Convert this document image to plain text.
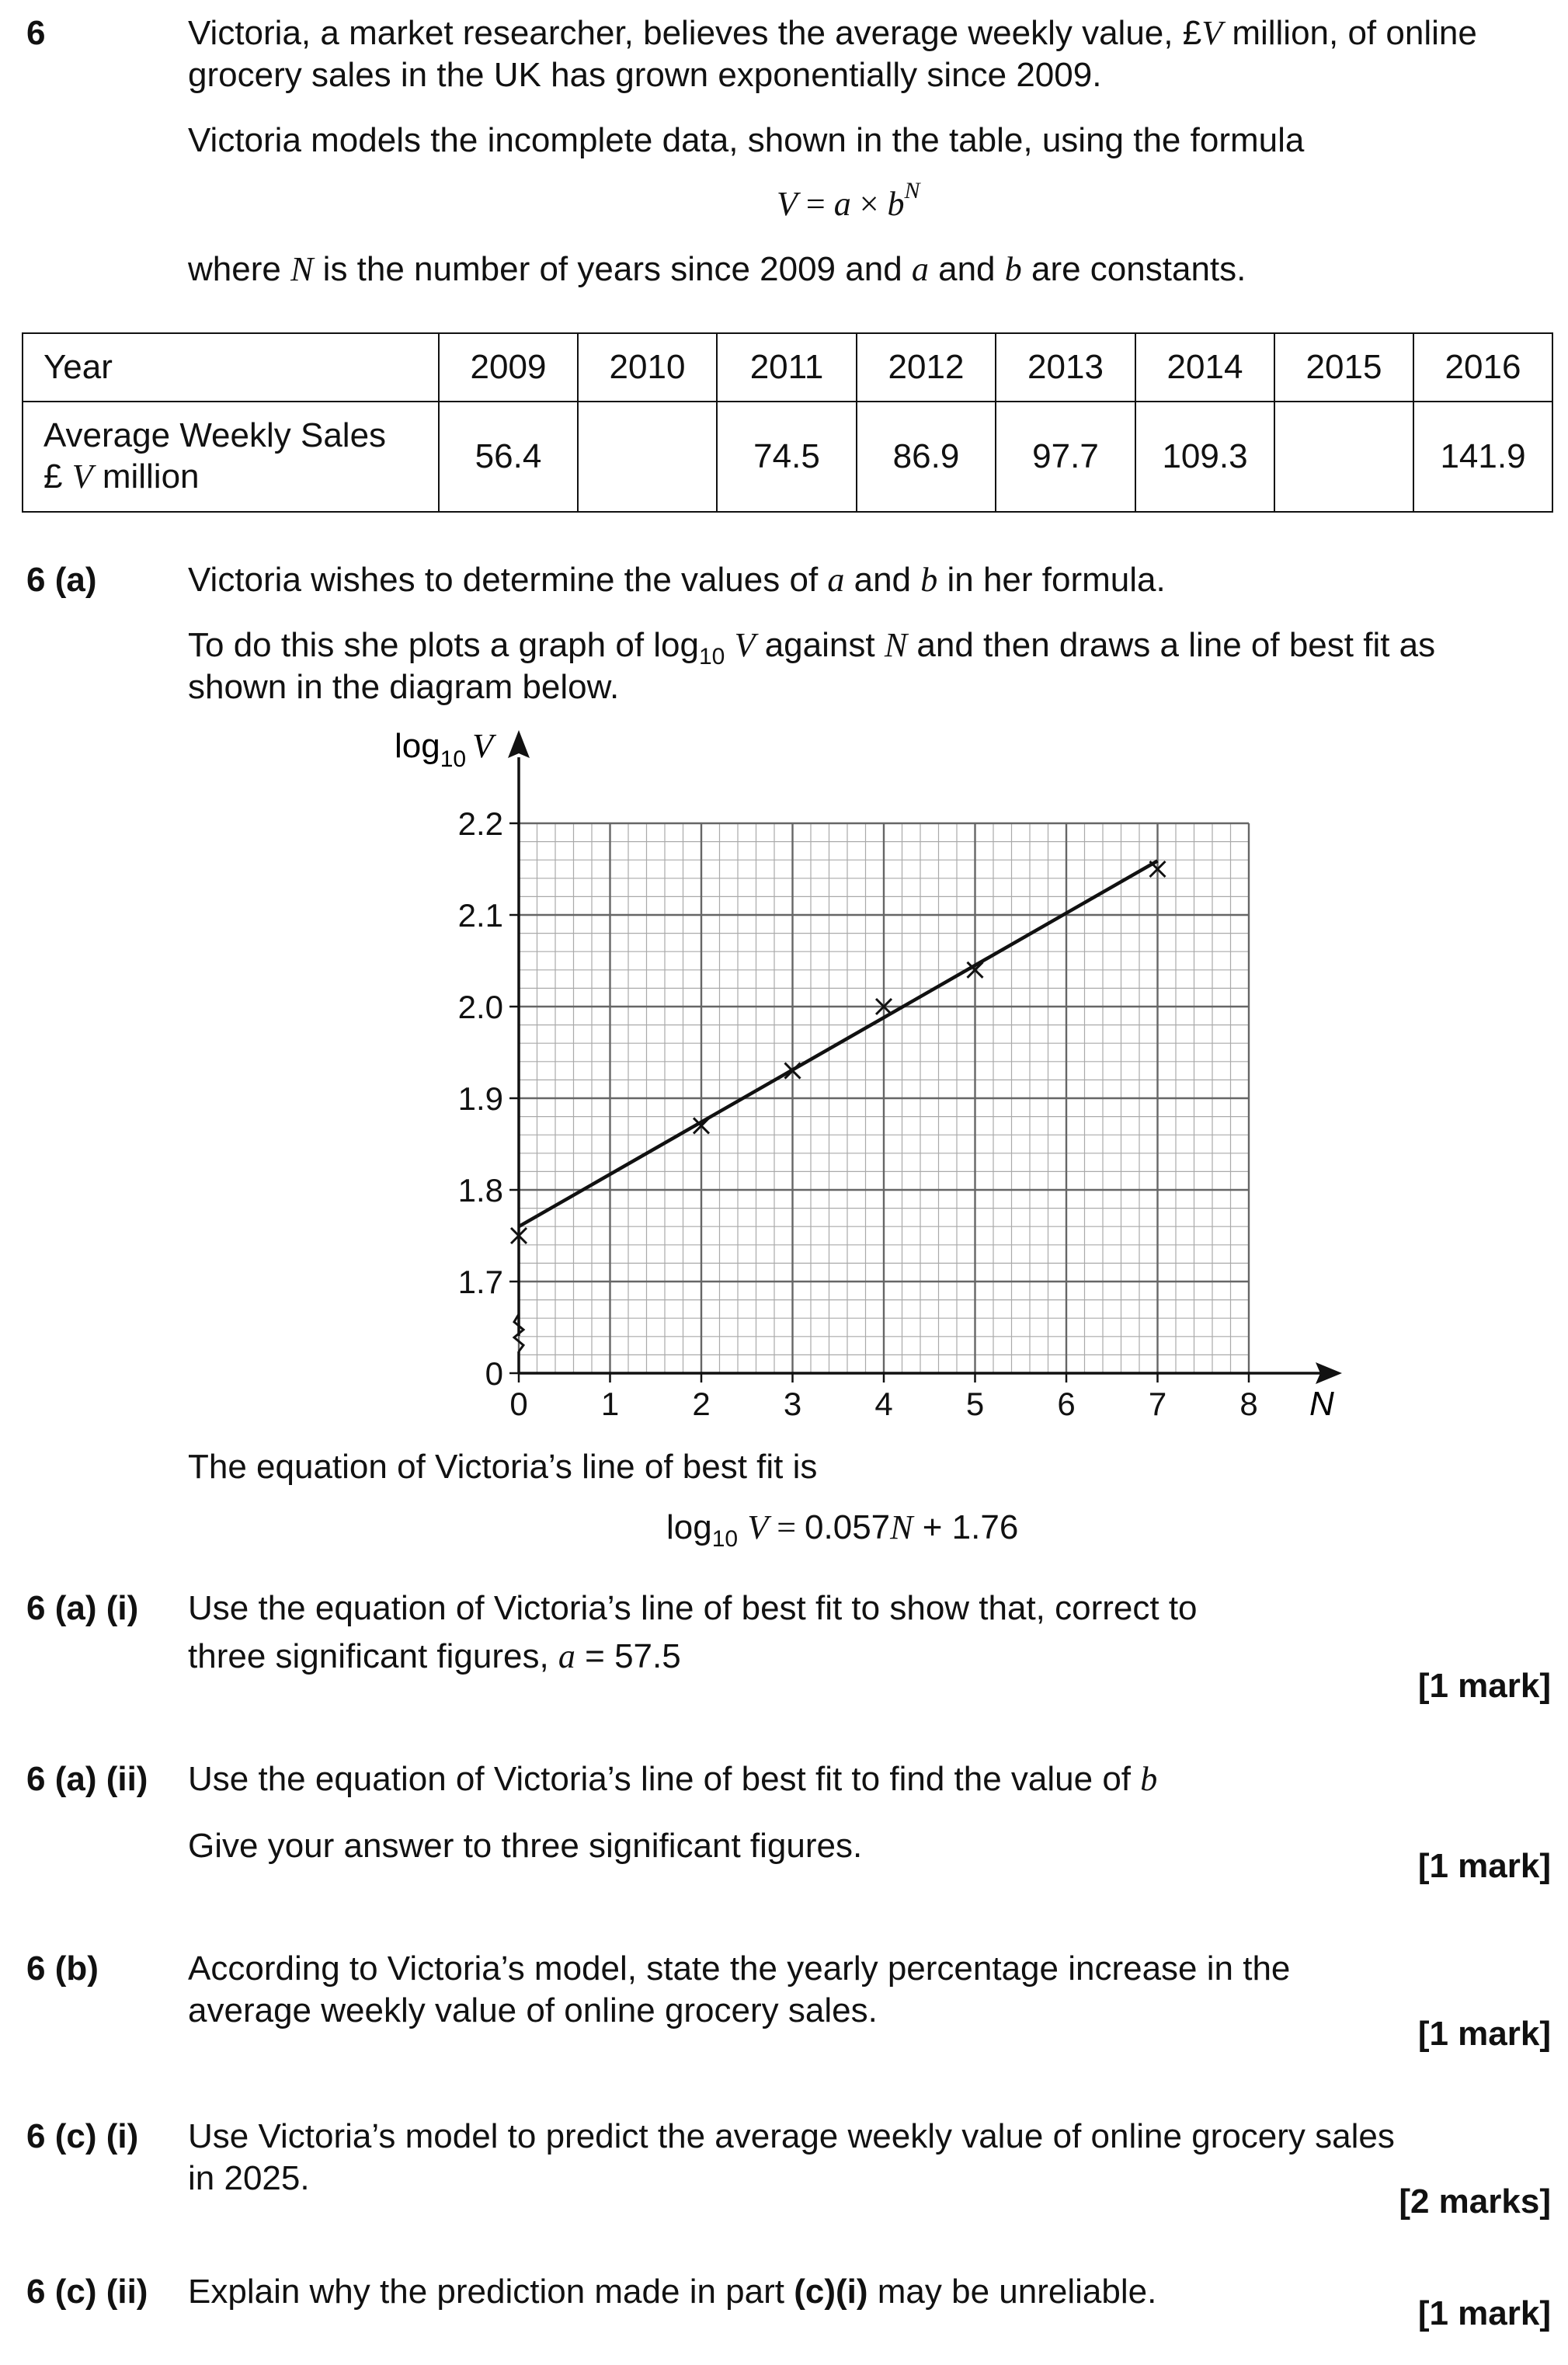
6	Victoria, a market researcher, believes the average weekly value, £V million, of online
grocery sales in the UK has grown exponentially since 2009.
Victoria models the incomplete data, shown in the table, using the formula
$V = a \times b^N$
where N is the number of years since 2009 and a and b are constants.
Year	2009	2010	2011	2012	2013	2014	2015	2016
Average Weekly Sales
£ V million	56.4		74.5	86.9	97.7	109.3		141.9
6 (a)	Victoria wishes to determine the values of a and b in her formula.
To do this she plots a graph of $\log_{10} V$ against N and then draws a line of best fit as
shown in the diagram below.
0
1.7
1.8
1.9
2.0
2.1
2.2
0 1 2 3 4 5 6 7 8
$\log_{10} V$
N
The equation of Victoria’s line of best fit is
$\log_{10} V = 0.057N + 1.76$
6 (a) (i) Use the equation of Victoria’s line of best fit to show that, correct to
three significant figures, a = 57.5
[1 mark]
6 (a) (ii) Use the equation of Victoria’s line of best fit to find the value of b
Give your answer to three significant figures.
[1 mark]
6 (b)	According to Victoria’s model, state the yearly percentage increase in the
average weekly value of online grocery sales.
[1 mark]
6 (c) (i) Use Victoria’s model to predict the average weekly value of online grocery sales
in 2025.
[2 marks]
6 (c) (ii) Explain why the prediction made in part (c)(i) may be unreliable.
[1 mark]
